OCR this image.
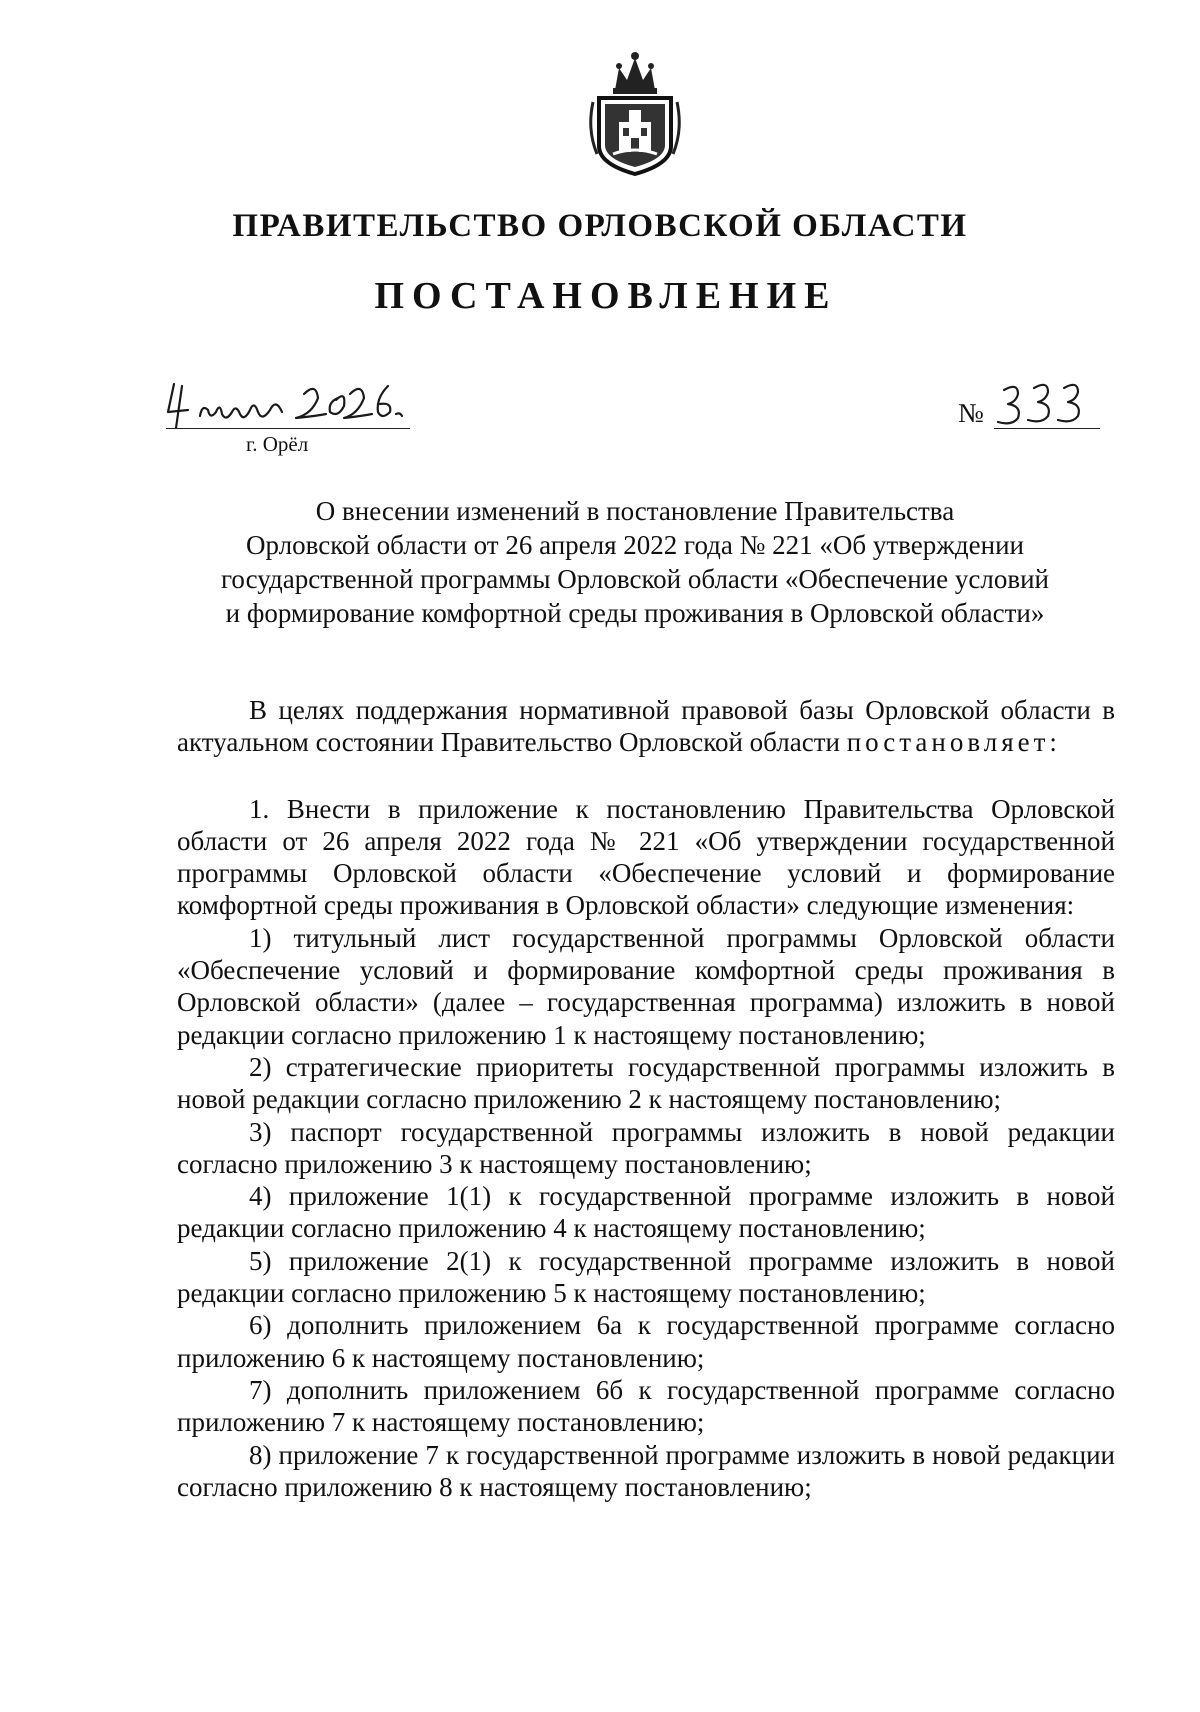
ПРАВИТЕЛЬСТВО ОРЛОВСКОЙ ОБЛАСТИ
ПОСТАНОВЛЕНИЕ
г. Орёл
№
О внесении изменений в постановление Правительства
Орловской области от 26 апреля 2022 года № 221 «Об утверждении
государственной программы Орловской области «Обеспечение условий
и формирование комфортной среды проживания в Орловской области»

В целях поддержания нормативной правовой базы Орловской области в актуальном состоянии Правительство Орловской области постановляет:

1. Внести в приложение к постановлению Правительства Орловской области от 26 апреля 2022 года № 221 «Об утверждении государственной программы Орловской области «Обеспечение условий и формирование комфортной среды проживания в Орловской области» следующие изменения:

1) титульный лист государственной программы Орловской области «Обеспечение условий и формирование комфортной среды проживания в Орловской области» (далее – государственная программа) изложить в новой редакции согласно приложению 1 к настоящему постановлению;

2) стратегические приоритеты государственной программы изложить в новой редакции согласно приложению 2 к настоящему постановлению;

3) паспорт государственной программы изложить в новой редакции согласно приложению 3 к настоящему постановлению;

4) приложение 1(1) к государственной программе изложить в новой редакции согласно приложению 4 к настоящему постановлению;

5) приложение 2(1) к государственной программе изложить в новой редакции согласно приложению 5 к настоящему постановлению;

6) дополнить приложением 6а к государственной программе согласно приложению 6 к настоящему постановлению;

7) дополнить приложением 6б к государственной программе согласно приложению 7 к настоящему постановлению;

8) приложение 7 к государственной программе изложить в новой редакции согласно приложению 8 к настоящему постановлению;
